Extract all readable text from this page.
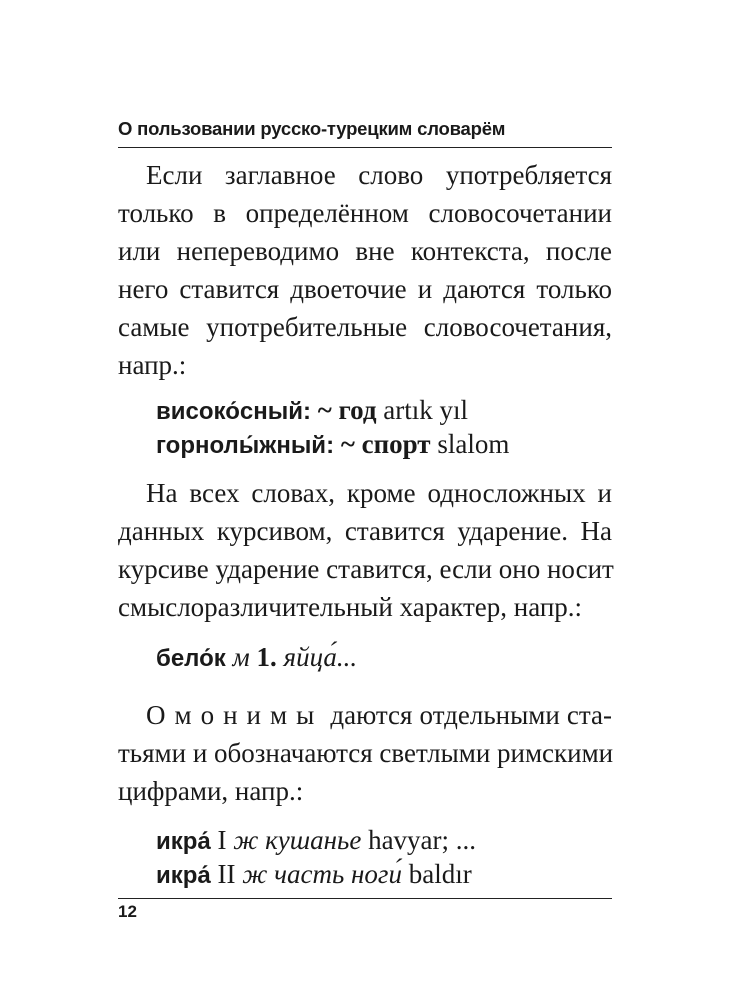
О пользовании русско-турецким словарём
Если заглавное слово употребляется
только в определённом словосочетании
или непереводимо вне контекста, после
него ставится двоеточие и даются только
самые употребительные словосочетания,
напр.:
високо́сный: ~ год artık yıl
горнолы́жный: ~ спорт slalom
На всех словах, кроме односложных и
данных курсивом, ставится ударение. На
курсиве ударение ставится, если оно носит
смыслоразличительный характер, напр.:
бело́к м 1. яйца́...
Омонимы даются отдельными ста-
тьями и обозначаются светлыми римскими
цифрами, напр.:
икра́ I ж кушанье havyar; ...
икра́ II ж часть ноги́ baldır
12
